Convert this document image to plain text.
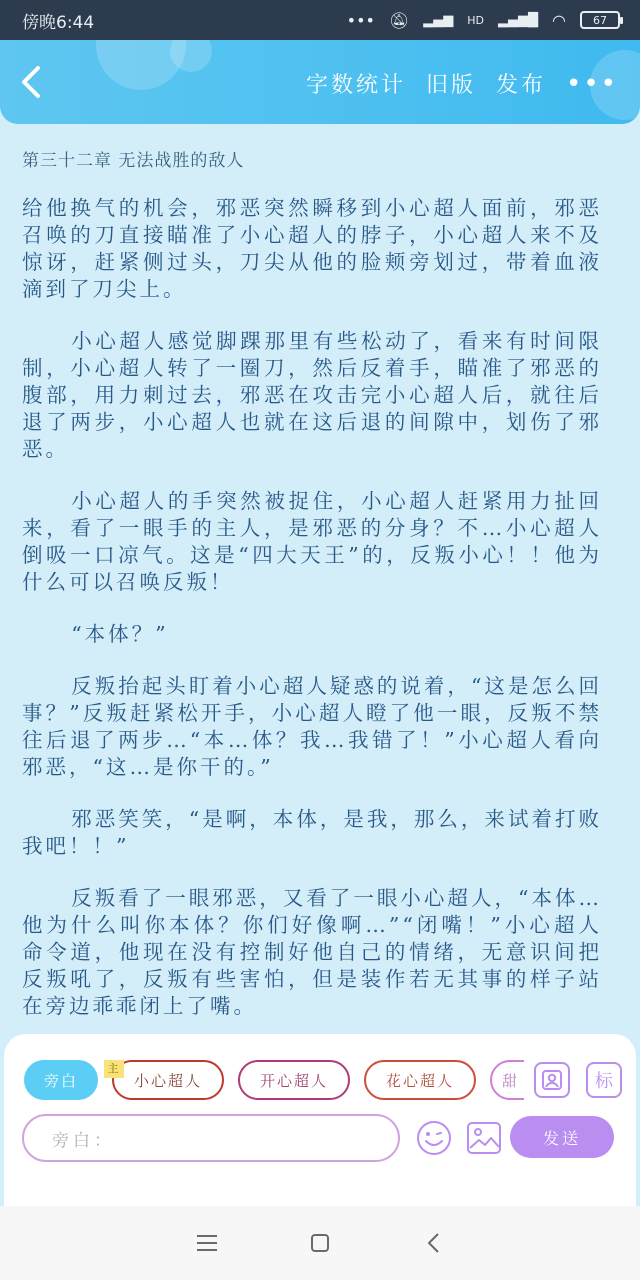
傍晚6:44	••• 🔕︎ ▂▄▆ HD ▂▄▆█ ◠ 67
字数统计 旧版 发布 •••
第三十二章 无法战胜的敌人

给他换气的机会，邪恶突然瞬移到小心超人面前，邪恶召唤的刀直接瞄准了小心超人的脖子，小心超人来不及惊讶，赶紧侧过头，刀尖从他的脸颊旁划过，带着血液滴到了刀尖上。

小心超人感觉脚踝那里有些松动了，看来有时间限制，小心超人转了一圈刀，然后反着手，瞄准了邪恶的腹部，用力刺过去，邪恶在攻击完小心超人后，就往后退了两步，小心超人也就在这后退的间隙中，划伤了邪恶。

小心超人的手突然被捉住，小心超人赶紧用力扯回来，看了一眼手的主人，是邪恶的分身？不…小心超人倒吸一口凉气。这是“四大天王”的，反叛小心！！他为什么可以召唤反叛！

“本体？”

反叛抬起头盯着小心超人疑惑的说着，“这是怎么回事？”反叛赶紧松开手，小心超人瞪了他一眼，反叛不禁往后退了两步…“本…体？我…我错了！”小心超人看向邪恶，“这…是你干的。”

邪恶笑笑，“是啊，本体，是我，那么，来试着打败我吧！！”

反叛看了一眼邪恶，又看了一眼小心超人，“本体…他为什么叫你本体？你们好像啊…”“闭嘴！”小心超人命令道，他现在没有控制好他自己的情绪，无意识间把反叛吼了，反叛有些害怕，但是装作若无其事的样子站在旁边乖乖闭上了嘴。

旁白
主
小心超人	开心超人	花心超人	甜	标
旁白：	发送
